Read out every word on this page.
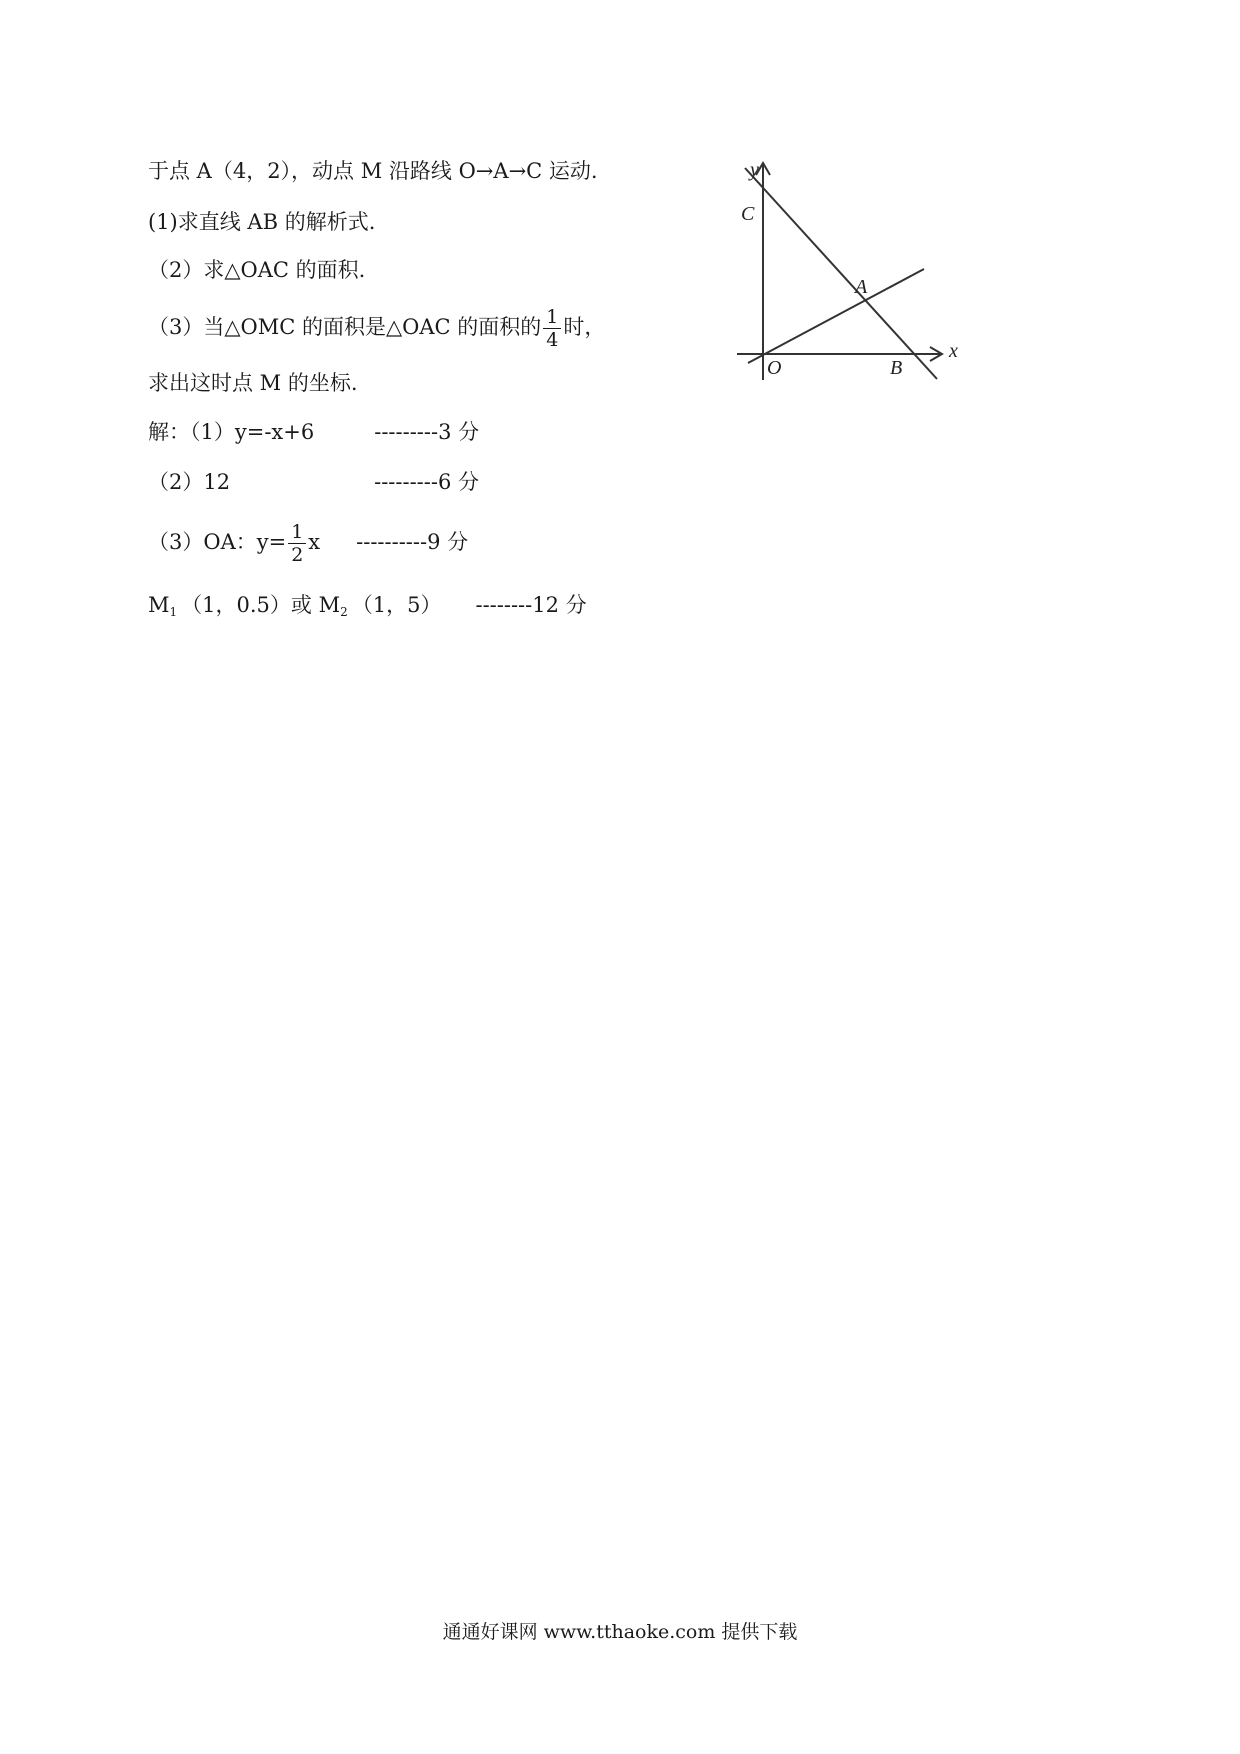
于点 A（4，2），动点 M 沿路线 O→A→C 运动.
(1)求直线 AB 的解析式.
（2）求△OAC 的面积.
（3）当△OMC 的面积是△OAC 的面积的 $\frac{1}{4}$ 时，
求出这时点 M 的坐标.
解：（1）y=-x+6	---------3 分
（2）12	---------6 分
（3）OA：$y= \frac{1}{2}$ x ----------9 分
$M_1$ （1，0.5）或 $M_2$ （1，5） --------12 分
y
x
C
A
O	B
通通好课网 www.tthaoke.com 提供下载
